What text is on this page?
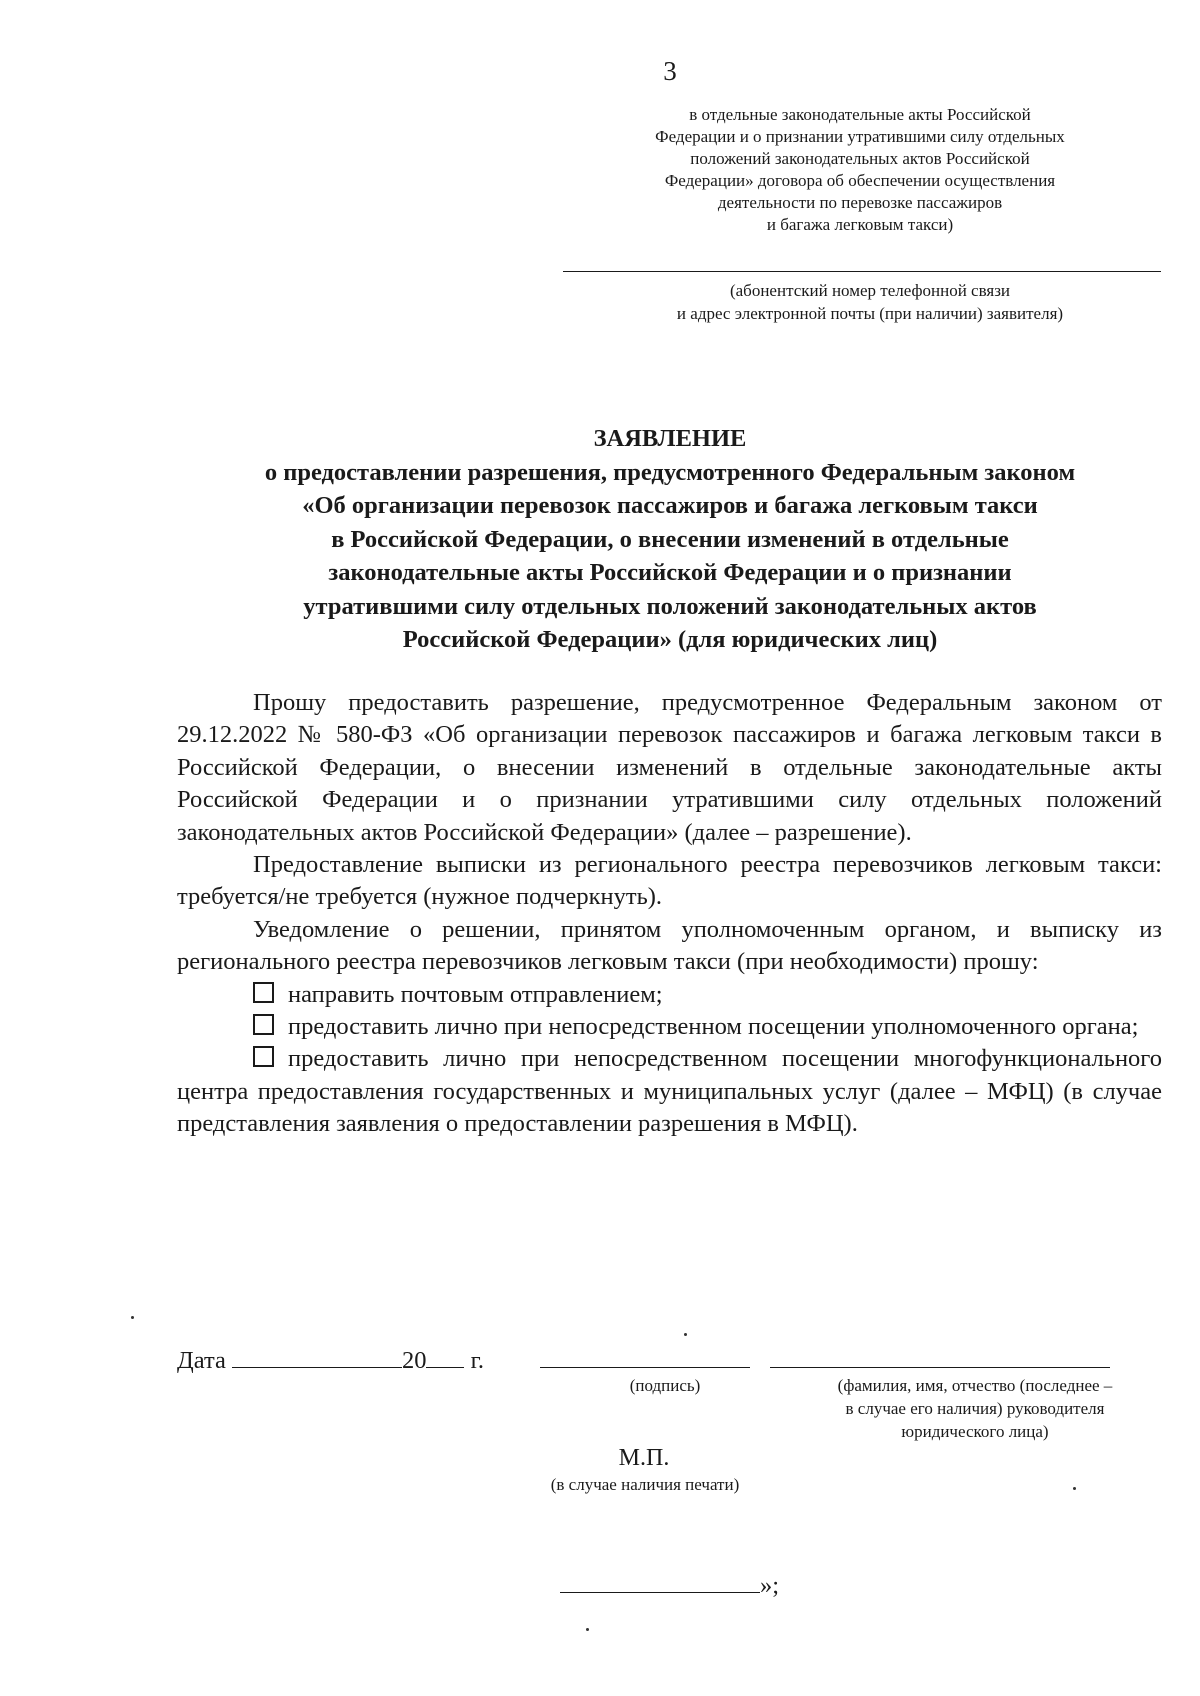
3
в отдельные законодательные акты Российской
Федерации и о признании утратившими силу отдельных
положений законодательных актов Российской
Федерации» договора об обеспечении осуществления
деятельности по перевозке пассажиров
и багажа легковым такси)
(абонентский номер телефонной связи
и адрес электронной почты (при наличии) заявителя)
ЗАЯВЛЕНИЕ
о предоставлении разрешения, предусмотренного Федеральным законом
«Об организации перевозок пассажиров и багажа легковым такси
в Российской Федерации, о внесении изменений в отдельные
законодательные акты Российской Федерации и о признании
утратившими силу отдельных положений законодательных актов
Российской Федерации» (для юридических лиц)

Прошу предоставить разрешение, предусмотренное Федеральным законом от 29.12.2022 № 580-ФЗ «Об организации перевозок пассажиров и багажа легковым такси в Российской Федерации, о внесении изменений в отдельные законодательные акты Российской Федерации и о признании утратившими силу отдельных положений законодательных актов Российской Федерации» (далее – разрешение).

Предоставление выписки из регионального реестра перевозчиков легковым такси: требуется/не требуется (нужное подчеркнуть).

Уведомление о решении, принятом уполномоченным органом, и выписку из регионального реестра перевозчиков легковым такси (при необходимости) прошу:

направить почтовым отправлением;

предоставить лично при непосредственном посещении уполномоченного органа;

предоставить лично при непосредственном посещении многофункционального центра предоставления государственных и муниципальных услуг (далее – МФЦ) (в случае представления заявления о предоставлении разрешения в МФЦ).

Дата	20 г.
(подпись)	(фамилия, имя, отчество (последнее –
в случае его наличия) руководителя
юридического лица)
М.П.
(в случае наличия печати)
»;
